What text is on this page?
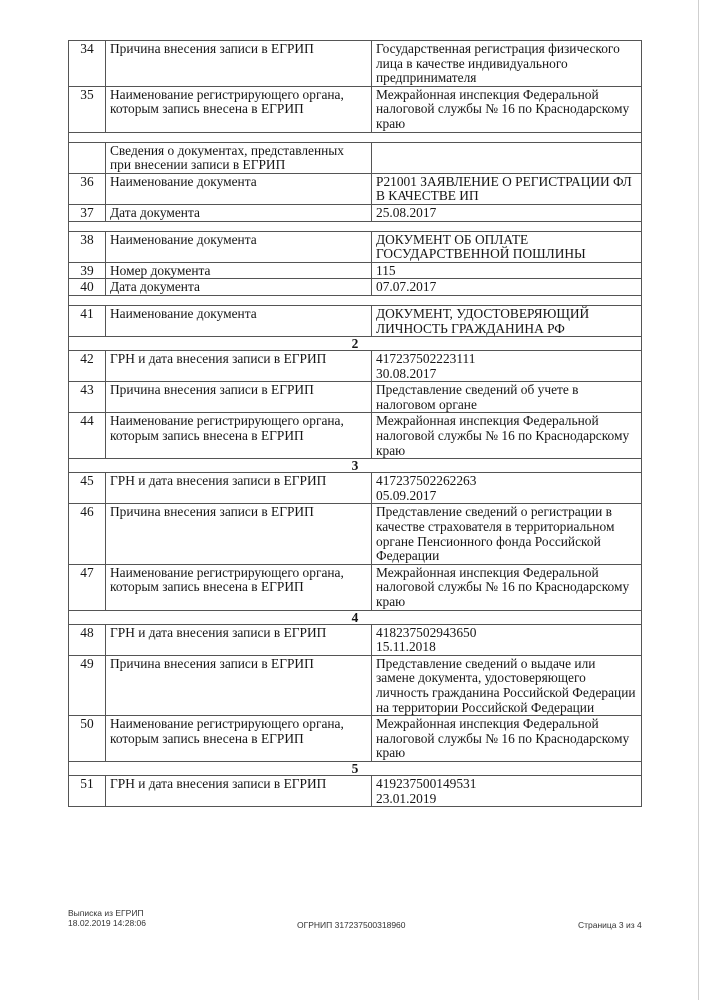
34	Причина внесения записи в ЕГРИП	Государственная регистрация физического лица в качестве индивидуального предпринимателя
35	Наименование регистрирующего органа, которым запись внесена в ЕГРИП	Межрайонная инспекция Федеральной налоговой службы № 16 по Краснодарскому краю

	Сведения о документах, представленных при внесении записи в ЕГРИП	
36	Наименование документа	Р21001 ЗАЯВЛЕНИЕ О РЕГИСТРАЦИИ ФЛ В КАЧЕСТВЕ ИП
37	Дата документа	25.08.2017

38	Наименование документа	ДОКУМЕНТ ОБ ОПЛАТЕ ГОСУДАРСТВЕННОЙ ПОШЛИНЫ
39	Номер документа	115
40	Дата документа	07.07.2017

41	Наименование документа	ДОКУМЕНТ, УДОСТОВЕРЯЮЩИЙ ЛИЧНОСТЬ ГРАЖДАНИНА РФ
2		
42	ГРН и дата внесения записи в ЕГРИП	417237502223111
30.08.2017
43	Причина внесения записи в ЕГРИП	Представление сведений об учете в налоговом органе
44	Наименование регистрирующего органа, которым запись внесена в ЕГРИП	Межрайонная инспекция Федеральной налоговой службы № 16 по Краснодарскому краю
3		
45	ГРН и дата внесения записи в ЕГРИП	417237502262263
05.09.2017
46	Причина внесения записи в ЕГРИП	Представление сведений о регистрации в качестве страхователя в территориальном органе Пенсионного фонда Российской Федерации
47	Наименование регистрирующего органа, которым запись внесена в ЕГРИП	Межрайонная инспекция Федеральной налоговой службы № 16 по Краснодарскому краю
4		
48	ГРН и дата внесения записи в ЕГРИП	418237502943650
15.11.2018
49	Причина внесения записи в ЕГРИП	Представление сведений о выдаче или замене документа, удостоверяющего личность гражданина Российской Федерации на территории Российской Федерации
50	Наименование регистрирующего органа, которым запись внесена в ЕГРИП	Межрайонная инспекция Федеральной налоговой службы № 16 по Краснодарскому краю
5		
51	ГРН и дата внесения записи в ЕГРИП	419237500149531
23.01.2019
Выписка из ЕГРИП
18.02.2019 14:28:06	ОГРНИП 317237500318960	Страница 3 из 4
